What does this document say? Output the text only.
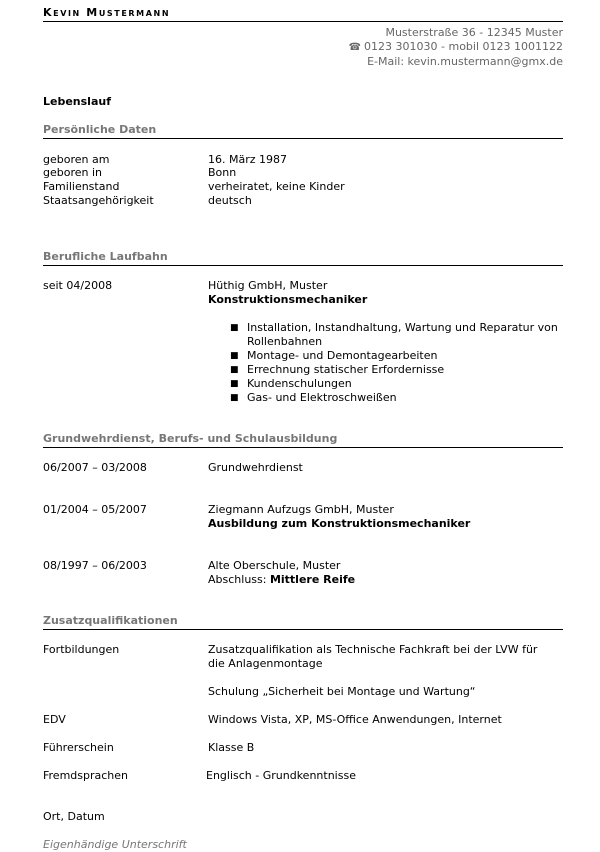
Kevin Mustermann
Musterstraße 36 - 12345 Muster
☎ 0123 301030 - mobil 0123 1001122
E-Mail: kevin.mustermann@gmx.de
Lebenslauf
Persönliche Daten
geboren am	16. März 1987
geboren in	Bonn
Familienstand	verheiratet, keine Kinder
Staatsangehörigkeit	deutsch
Berufliche Laufbahn
seit 04/2008	Hüthig GmbH, Muster
Konstruktionsmechaniker
■ Installation, Instandhaltung, Wartung und Reparatur von Rollenbahnen
■ Montage- und Demontagearbeiten
■ Errechnung statischer Erfordernisse
■ Kundenschulungen
■ Gas- und Elektroschweißen
Grundwehrdienst, Berufs- und Schulausbildung
06/2007 – 03/2008	Grundwehrdienst
01/2004 – 05/2007	Ziegmann Aufzugs GmbH, Muster
Ausbildung zum Konstruktionsmechaniker
08/1997 – 06/2003	Alte Oberschule, Muster
Abschluss: Mittlere Reife
Zusatzqualifikationen
Fortbildungen	Zusatzqualifikation als Technische Fachkraft bei der LVW für die Anlagenmontage
Schulung „Sicherheit bei Montage und Wartung“
EDV	Windows Vista, XP, MS-Office Anwendungen, Internet
Führerschein	Klasse B
Fremdsprachen	Englisch - Grundkenntnisse
Ort, Datum
Eigenhändige Unterschrift
